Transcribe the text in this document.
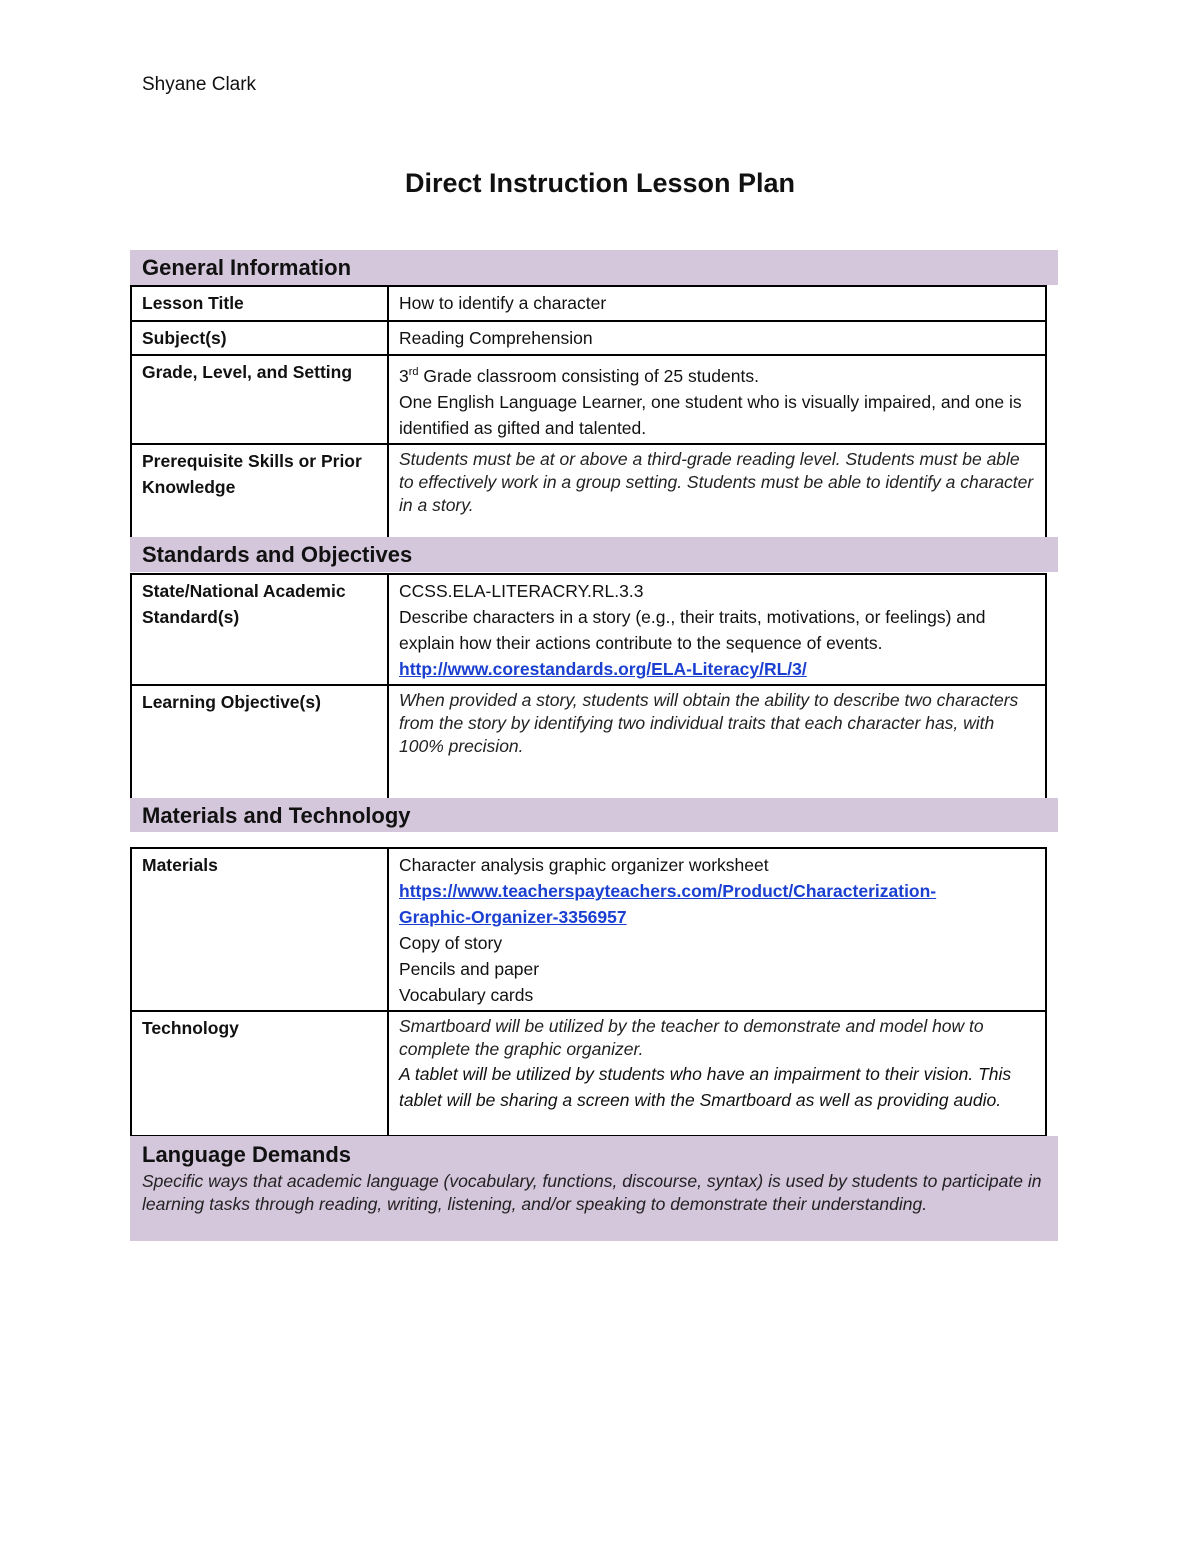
Shyane Clark
Direct Instruction Lesson Plan
General Information
Lesson Title	How to identify a character
Subject(s)	Reading Comprehension
Grade, Level, and Setting	3rd Grade classroom consisting of 25 students.
One English Language Learner, one student who is visually impaired, and one is identified as gifted and talented.

Prerequisite Skills or Prior Knowledge	Students must be at or above a third-grade reading level. Students must be able to effectively work in a group setting. Students must be able to identify a character in a story.
Standards and Objectives
State/National Academic Standard(s)	CCSS.ELA-LITERACRY.RL.3.3
Describe characters in a story (e.g., their traits, motivations, or feelings) and explain how their actions contribute to the sequence of events.
http://www.corestandards.org/ELA-Literacy/RL/3/

Learning Objective(s)	When provided a story, students will obtain the ability to describe two characters from the story by identifying two individual traits that each character has, with 100% precision.
Materials and Technology
Materials	Character analysis graphic organizer worksheet
https://www.teacherspayteachers.com/Product/Characterization-Graphic-Organizer-3356957
Copy of story
Pencils and paper
Vocabulary cards

Technology	Smartboard will be utilized by the teacher to demonstrate and model how to complete the graphic organizer.
A tablet will be utilized by students who have an impairment to their vision. This tablet will be sharing a screen with the Smartboard as well as providing audio.
Language Demands
Specific ways that academic language (vocabulary, functions, discourse, syntax) is used by students to participate in learning tasks through reading, writing, listening, and/or speaking to demonstrate their understanding.
